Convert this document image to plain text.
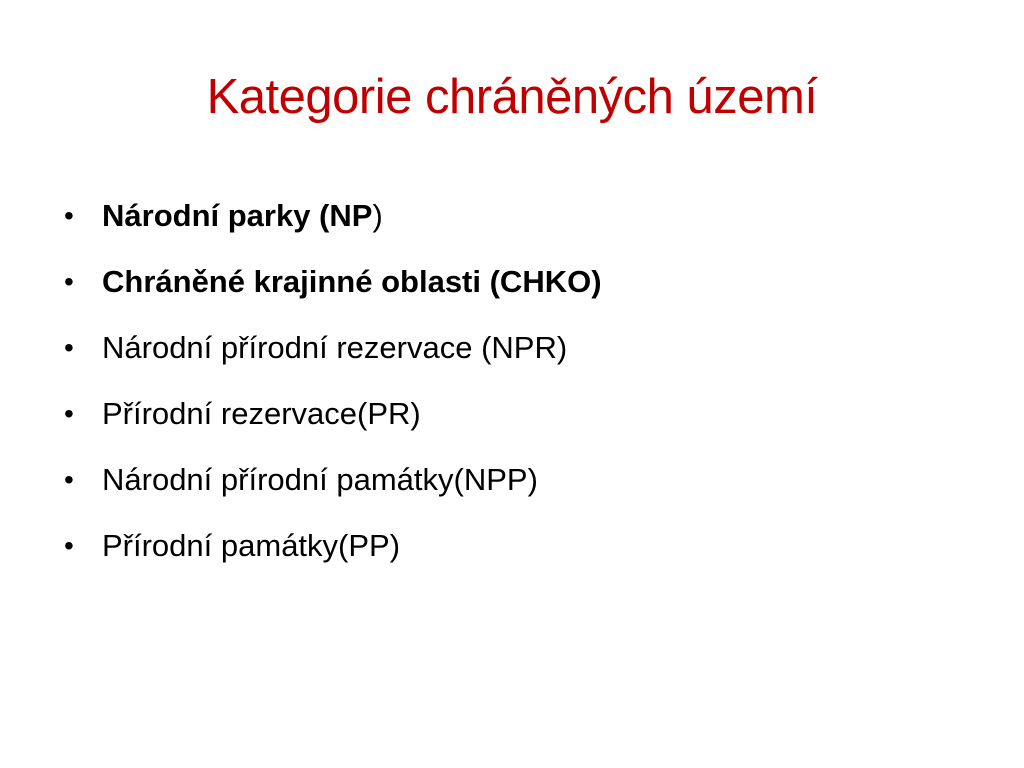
Kategorie chráněných území
• Národní parky (NP)
• Chráněné krajinné oblasti (CHKO)
• Národní přírodní rezervace (NPR)
• Přírodní rezervace(PR)
• Národní přírodní památky(NPP)
• Přírodní památky(PP)
